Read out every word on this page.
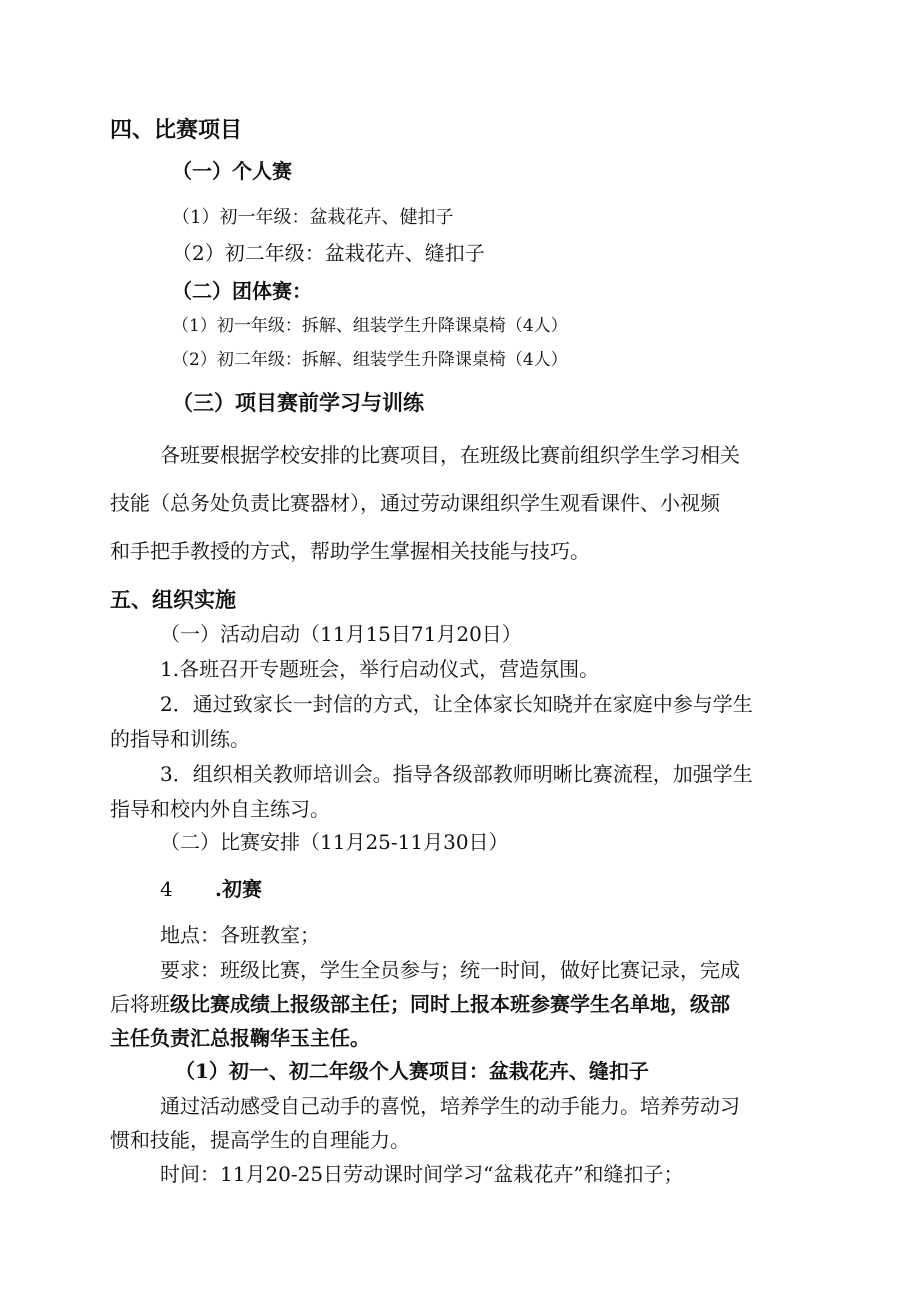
四、比赛项目
（一）个人赛
（1）初一年级：盆栽花卉、健扣子
（2）初二年级：盆栽花卉、缝扣子
（二）团体赛：
（1）初一年级：拆解、组装学生升降课桌椅（4人）
（2）初二年级：拆解、组装学生升降课桌椅（4人）
（三）项目赛前学习与训练
各班要根据学校安排的比赛项目，在班级比赛前组织学生学习相关
技能（总务处负责比赛器材），通过劳动课组织学生观看课件、小视频
和手把手教授的方式，帮助学生掌握相关技能与技巧。
五、组织实施
（一）活动启动（11月15日71月20日）
1.各班召开专题班会，举行启动仪式，营造氛围。
2．通过致家长一封信的方式，让全体家长知晓并在家庭中参与学生
的指导和训练。
3．组织相关教师培训会。指导各级部教师明晰比赛流程，加强学生
指导和校内外自主练习。
（二）比赛安排（11月25-11月30日）
4 .初赛
地点：各班教室；
要求：班级比赛，学生全员参与；统一时间，做好比赛记录，完成
后将班级比赛成绩上报级部主任；同时上报本班参赛学生名单地，级部
主任负责汇总报鞠华玉主任。
（1）初一、初二年级个人赛项目：盆栽花卉、缝扣子
通过活动感受自己动手的喜悦，培养学生的动手能力。培养劳动习
惯和技能，提高学生的自理能力。
时间：11月20-25日劳动课时间学习“盆栽花卉”和缝扣子；
